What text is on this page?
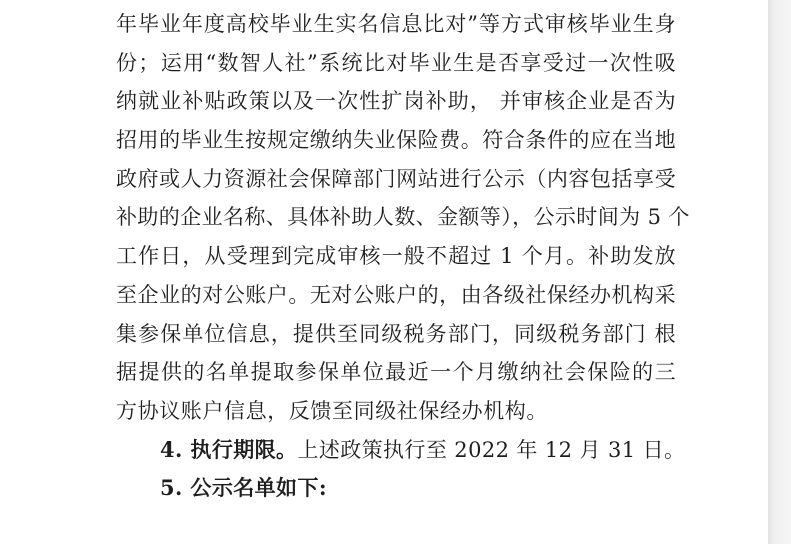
年毕业年度高校毕业生实名信息比对”等方式审核毕业生身
份；运用“数智人社”系统比对毕业生是否享受过一次性吸
纳就业补贴政策以及一次性扩岗补助， 并审核企业是否为
招用的毕业生按规定缴纳失业保险费。符合条件的应在当地
政府或人力资源社会保障部门网站进行公示（内容包括享受
补助的企业名称、具体补助人数、金额等），公示时间为 5 个
工作日，从受理到完成审核一般不超过 1 个月。补助发放
至企业的对公账户。无对公账户的，由各级社保经办机构采
集参保单位信息，提供至同级税务部门，同级税务部门 根
据提供的名单提取参保单位最近一个月缴纳社会保险的三
方协议账户信息，反馈至同级社保经办机构。
4. 执行期限。上述政策执行至 2022 年 12 月 31 日。
5. 公示名单如下:
